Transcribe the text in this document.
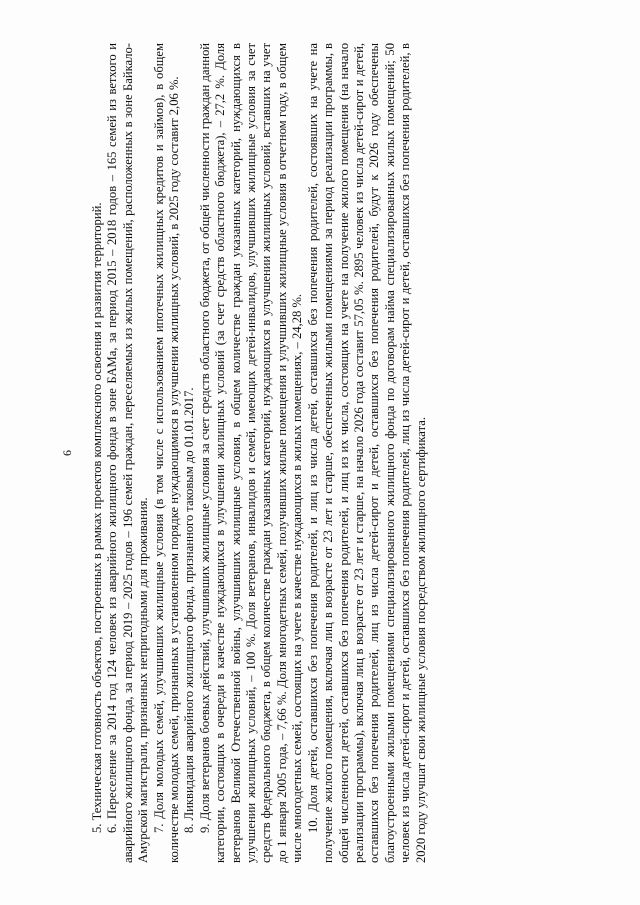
6 5. Техническая готовность объектов, построенных в рамках проектов комплексного освоения и развития территорий. 6. Переселение за 2014 год 124 человек из аварийного жилищного фонда в зоне БАМа, за период 2015 – 2018 годов – 165 семей из ветхого и аварийного жилищного фонда, за период 2019 – 2025 годов – 196 семей граждан, переселяемых из жилых помещений, расположенных в зоне Байкало-Амурской магистрали, признанных непригодными для проживания. 7. Доля молодых семей, улучшивших жилищные условия (в том числе с использованием ипотечных жилищных кредитов и займов), в общем количестве молодых семей, признанных в установленном порядке нуждающимися в улучшении жилищных условий, в 2025 году составит 2,06 %. 8. Ликвидация аварийного жилищного фонда, признанного таковым до 01.01.2017. 9. Доля ветеранов боевых действий, улучшивших жилищные условия за счет средств областного бюджета, от общей численности граждан данной категории, состоящих в очереди в качестве нуждающихся в улучшении жилищных условий (за счет средств областного бюджета), – 27,2 %. Доля ветеранов Великой Отечественной войны, улучшивших жилищные условия, в общем количестве граждан указанных категорий, нуждающихся в улучшении жилищных условий, – 100 %. Доля ветеранов, инвалидов и семей, имеющих детей-инвалидов, улучшивших жилищные условия за счет средств федерального бюджета, в общем количестве граждан указанных категорий, нуждающихся в улучшении жилищных условий, вставших на учет до 1 января 2005 года, – 7,66 %. Доля многодетных семей, получивших жилые помещения и улучшивших жилищные условия в отчетном году, в общем числе многодетных семей, состоящих на учете в качестве нуждающихся в жилых помещениях, – 24,28 %. 10. Доля детей, оставшихся без попечения родителей, и лиц из числа детей, оставшихся без попечения родителей, состоявших на учете на получение жилого помещения, включая лиц в возрасте от 23 лет и старше, обеспеченных жилыми помещениями за период реализации программы, в общей численности детей, оставшихся без попечения родителей, и лиц из их числа, состоящих на учете на получение жилого помещения (на начало реализации программы), включая лиц в возрасте от 23 лет и старше, на начало 2026 года составит 57,05 %. 2895 человек из числа детей-сирот и детей, оставшихся без попечения родителей, лиц из числа детей-сирот и детей, оставшихся без попечения родителей, будут к 2026 году обеспечены благоустроенными жилыми помещениями специализированного жилищного фонда по договорам найма специализированных жилых помещений; 50 человек из числа детей-сирот и детей, оставшихся без попечения родителей, лиц из числа детей-сирот и детей, оставшихся без попечения родителей, в 2020 году улучшат свои жилищные условия посредством жилищного сертификата.
